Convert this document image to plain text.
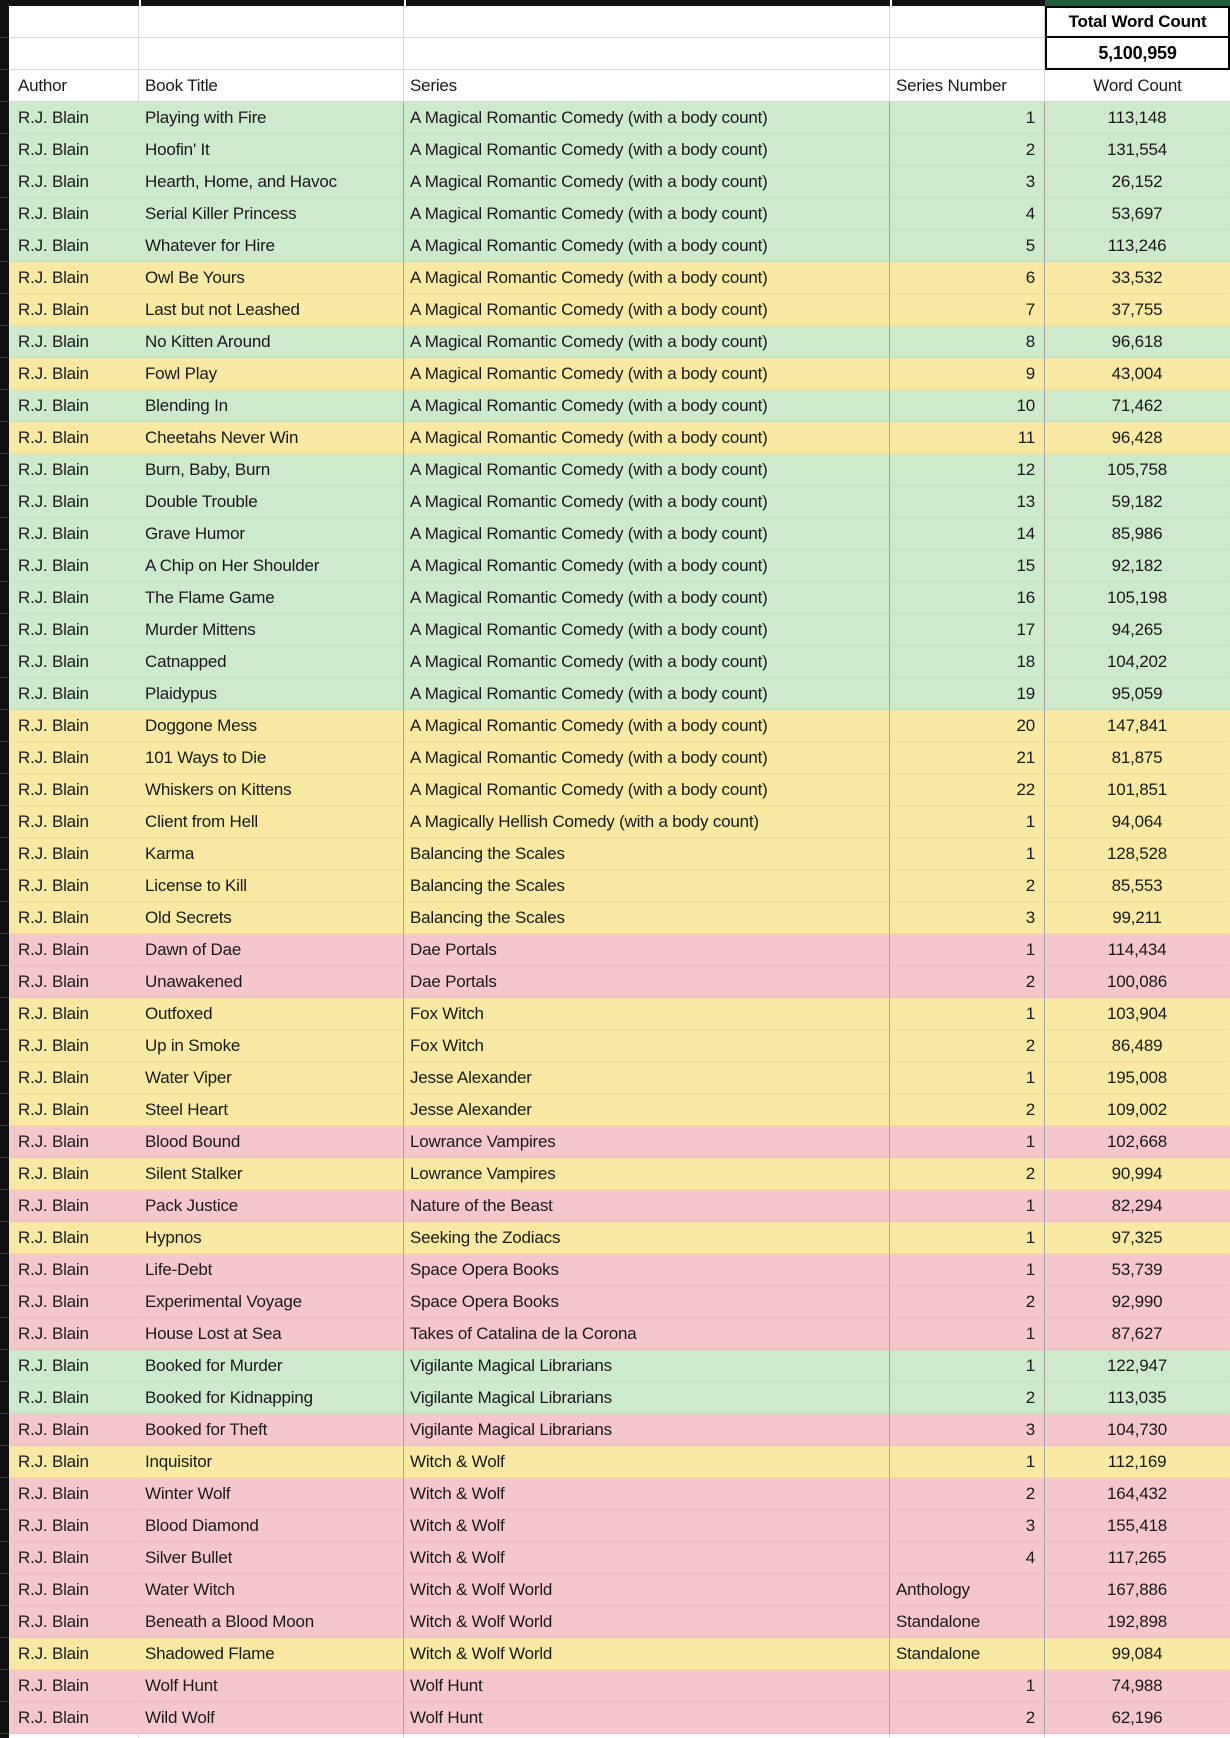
Total Word Count
5,100,959
Author	Book Title	Series	Series Number	Word Count
R.J. Blain	Playing with Fire	A Magical Romantic Comedy (with a body count)	1	113,148
R.J. Blain	Hoofin' It	A Magical Romantic Comedy (with a body count)	2	131,554
R.J. Blain	Hearth, Home, and Havoc	A Magical Romantic Comedy (with a body count)	3	26,152
R.J. Blain	Serial Killer Princess	A Magical Romantic Comedy (with a body count)	4	53,697
R.J. Blain	Whatever for Hire	A Magical Romantic Comedy (with a body count)	5	113,246
R.J. Blain	Owl Be Yours	A Magical Romantic Comedy (with a body count)	6	33,532
R.J. Blain	Last but not Leashed	A Magical Romantic Comedy (with a body count)	7	37,755
R.J. Blain	No Kitten Around	A Magical Romantic Comedy (with a body count)	8	96,618
R.J. Blain	Fowl Play	A Magical Romantic Comedy (with a body count)	9	43,004
R.J. Blain	Blending In	A Magical Romantic Comedy (with a body count)	10	71,462
R.J. Blain	Cheetahs Never Win	A Magical Romantic Comedy (with a body count)	11	96,428
R.J. Blain	Burn, Baby, Burn	A Magical Romantic Comedy (with a body count)	12	105,758
R.J. Blain	Double Trouble	A Magical Romantic Comedy (with a body count)	13	59,182
R.J. Blain	Grave Humor	A Magical Romantic Comedy (with a body count)	14	85,986
R.J. Blain	A Chip on Her Shoulder	A Magical Romantic Comedy (with a body count)	15	92,182
R.J. Blain	The Flame Game	A Magical Romantic Comedy (with a body count)	16	105,198
R.J. Blain	Murder Mittens	A Magical Romantic Comedy (with a body count)	17	94,265
R.J. Blain	Catnapped	A Magical Romantic Comedy (with a body count)	18	104,202
R.J. Blain	Plaidypus	A Magical Romantic Comedy (with a body count)	19	95,059
R.J. Blain	Doggone Mess	A Magical Romantic Comedy (with a body count)	20	147,841
R.J. Blain	101 Ways to Die	A Magical Romantic Comedy (with a body count)	21	81,875
R.J. Blain	Whiskers on Kittens	A Magical Romantic Comedy (with a body count)	22	101,851
R.J. Blain	Client from Hell	A Magically Hellish Comedy (with a body count)	1	94,064
R.J. Blain	Karma	Balancing the Scales	1	128,528
R.J. Blain	License to Kill	Balancing the Scales	2	85,553
R.J. Blain	Old Secrets	Balancing the Scales	3	99,211
R.J. Blain	Dawn of Dae	Dae Portals	1	114,434
R.J. Blain	Unawakened	Dae Portals	2	100,086
R.J. Blain	Outfoxed	Fox Witch	1	103,904
R.J. Blain	Up in Smoke	Fox Witch	2	86,489
R.J. Blain	Water Viper	Jesse Alexander	1	195,008
R.J. Blain	Steel Heart	Jesse Alexander	2	109,002
R.J. Blain	Blood Bound	Lowrance Vampires	1	102,668
R.J. Blain	Silent Stalker	Lowrance Vampires	2	90,994
R.J. Blain	Pack Justice	Nature of the Beast	1	82,294
R.J. Blain	Hypnos	Seeking the Zodiacs	1	97,325
R.J. Blain	Life-Debt	Space Opera Books	1	53,739
R.J. Blain	Experimental Voyage	Space Opera Books	2	92,990
R.J. Blain	House Lost at Sea	Takes of Catalina de la Corona	1	87,627
R.J. Blain	Booked for Murder	Vigilante Magical Librarians	1	122,947
R.J. Blain	Booked for Kidnapping	Vigilante Magical Librarians	2	113,035
R.J. Blain	Booked for Theft	Vigilante Magical Librarians	3	104,730
R.J. Blain	Inquisitor	Witch & Wolf	1	112,169
R.J. Blain	Winter Wolf	Witch & Wolf	2	164,432
R.J. Blain	Blood Diamond	Witch & Wolf	3	155,418
R.J. Blain	Silver Bullet	Witch & Wolf	4	117,265
R.J. Blain	Water Witch	Witch & Wolf World	Anthology	167,886
R.J. Blain	Beneath a Blood Moon	Witch & Wolf World	Standalone	192,898
R.J. Blain	Shadowed Flame	Witch & Wolf World	Standalone	99,084
R.J. Blain	Wolf Hunt	Wolf Hunt	1	74,988
R.J. Blain	Wild Wolf	Wolf Hunt	2	62,196
